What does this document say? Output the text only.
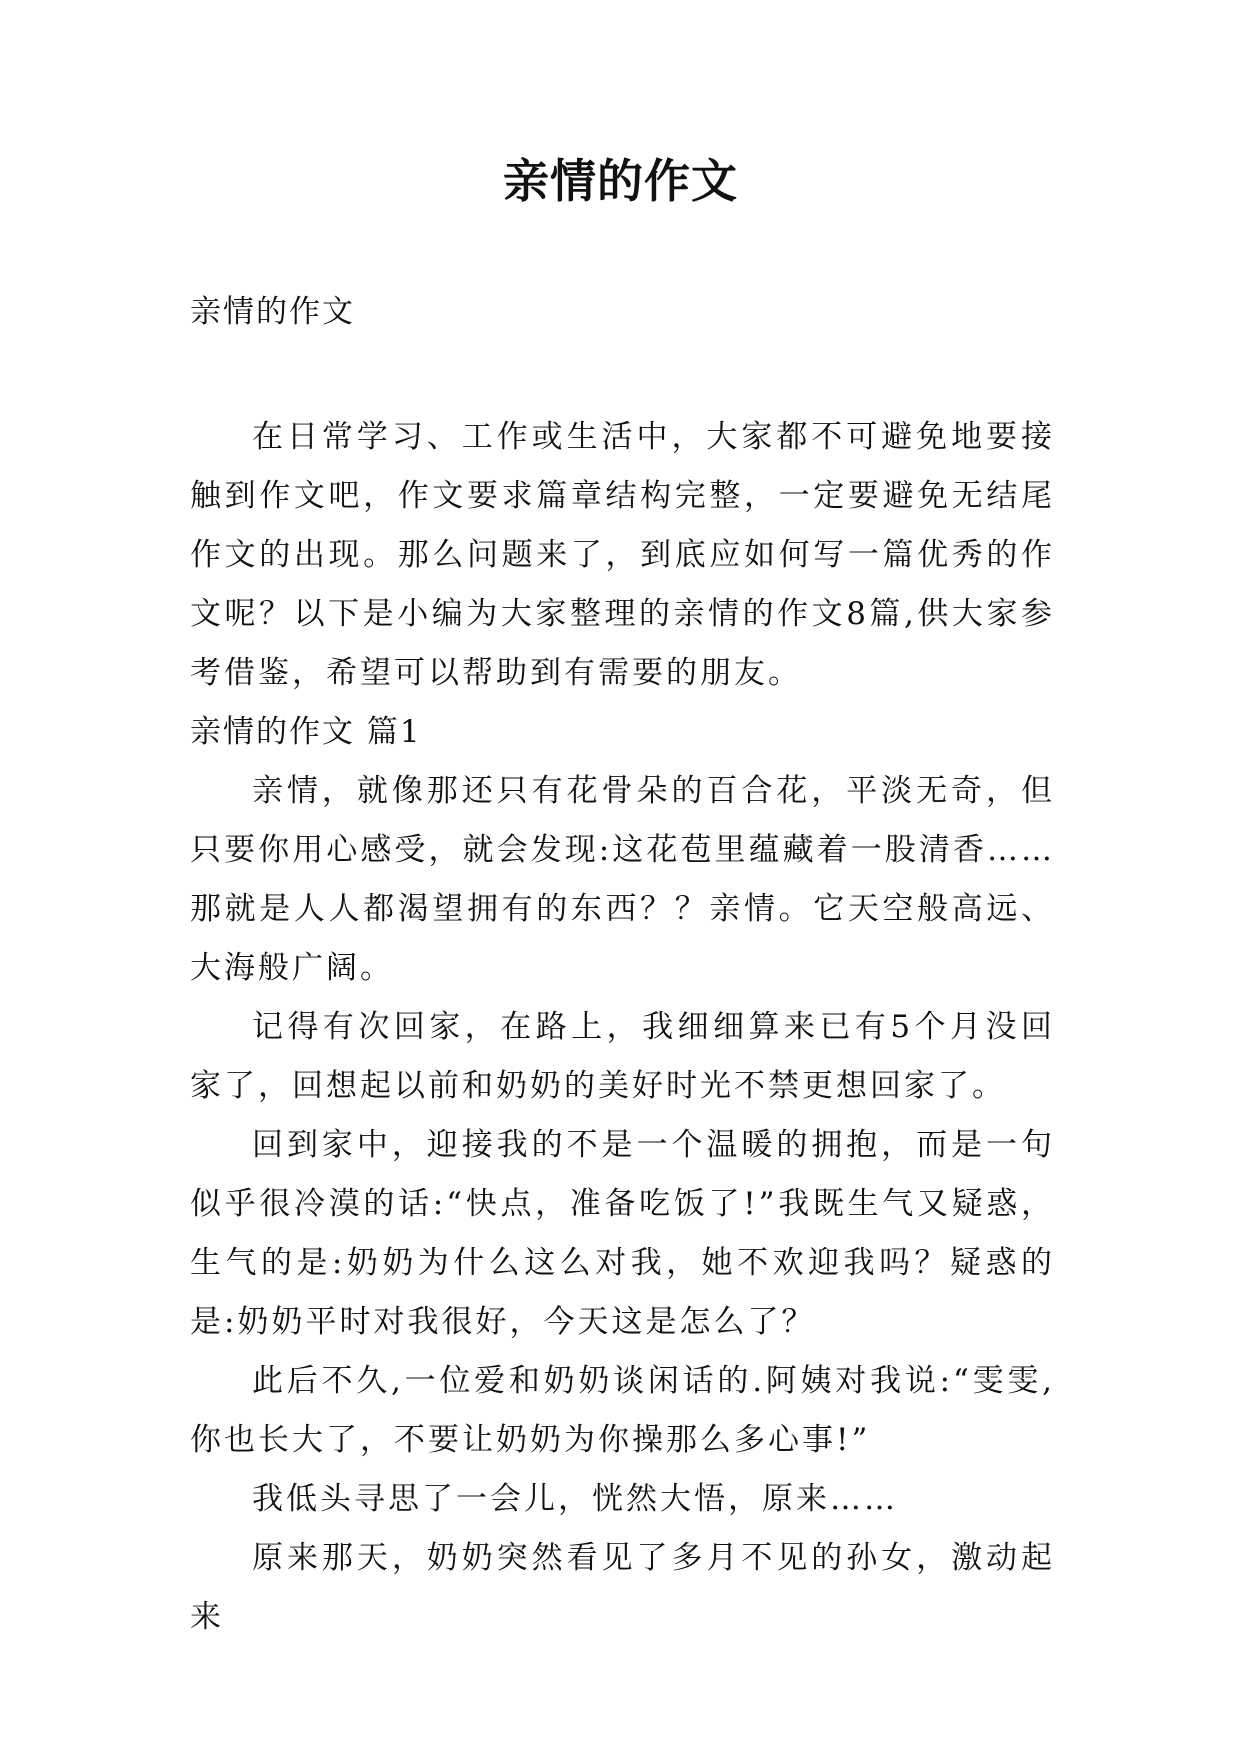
亲情的作文

亲情的作文

在日常学习、工作或生活中，大家都不可避免地要接触到作文吧，作文要求篇章结构完整，一定要避免无结尾作文的出现。那么问题来了，到底应如何写一篇优秀的作文呢？以下是小编为大家整理的亲情的作文8篇,供大家参考借鉴，希望可以帮助到有需要的朋友。

亲情的作文 篇1

亲情，就像那还只有花骨朵的百合花，平淡无奇，但只要你用心感受，就会发现:这花苞里蕴藏着一股清香……那就是人人都渴望拥有的东西？？亲情。它天空般高远、大海般广阔。

记得有次回家，在路上，我细细算来已有5个月没回家了，回想起以前和奶奶的美好时光不禁更想回家了。

回到家中，迎接我的不是一个温暖的拥抱，而是一句似乎很冷漠的话:“快点，准备吃饭了!”我既生气又疑惑，生气的是:奶奶为什么这么对我，她不欢迎我吗？疑惑的是:奶奶平时对我很好，今天这是怎么了？

此后不久,一位爱和奶奶谈闲话的.阿姨对我说:“雯雯,你也长大了，不要让奶奶为你操那么多心事!”

我低头寻思了一会儿，恍然大悟，原来……

原来那天，奶奶突然看见了多月不见的孙女，激动起来
